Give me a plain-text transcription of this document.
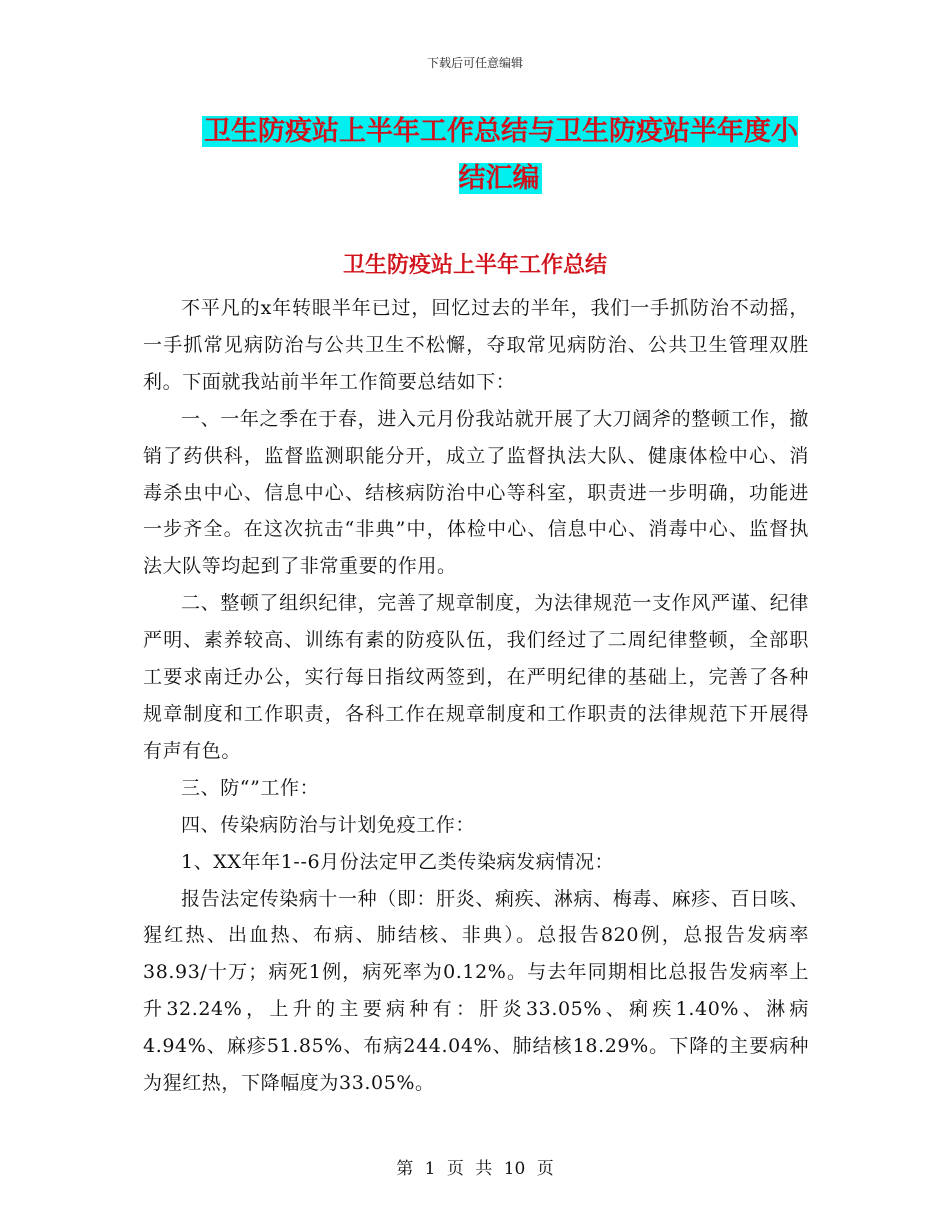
下载后可任意编辑
卫生防疫站上半年工作总结与卫生防疫站半年度小结汇编
卫生防疫站上半年工作总结

不平凡的x年转眼半年已过，回忆过去的半年，我们一手抓防治不动摇，一手抓常见病防治与公共卫生不松懈，夺取常见病防治、公共卫生管理双胜利。下面就我站前半年工作简要总结如下：

一、一年之季在于春，进入元月份我站就开展了大刀阔斧的整顿工作，撤销了药供科，监督监测职能分开，成立了监督执法大队、健康体检中心、消毒杀虫中心、信息中心、结核病防治中心等科室，职责进一步明确，功能进一步齐全。在这次抗击“非典”中，体检中心、信息中心、消毒中心、监督执法大队等均起到了非常重要的作用。

二、整顿了组织纪律，完善了规章制度，为法律规范一支作风严谨、纪律严明、素养较高、训练有素的防疫队伍，我们经过了二周纪律整顿，全部职工要求南迁办公，实行每日指纹两签到，在严明纪律的基础上，完善了各种规章制度和工作职责，各科工作在规章制度和工作职责的法律规范下开展得有声有色。

三、防“”工作：

四、传染病防治与计划免疫工作：

1、XX年年1--6月份法定甲乙类传染病发病情况：

报告法定传染病十一种（即：肝炎、痢疾、淋病、梅毒、麻疹、百日咳、猩红热、出血热、布病、肺结核、非典）。总报告820例，总报告发病率38.93/十万；病死1例，病死率为0.12%。与去年同期相比总报告发病率上升32.24%，上升的主要病种有：肝炎33.05%、痢疾1.40%、淋病4.94%、麻疹51.85%、布病244.04%、肺结核18.29%。下降的主要病种为猩红热，下降幅度为33.05%。

第 1 页 共 10 页
